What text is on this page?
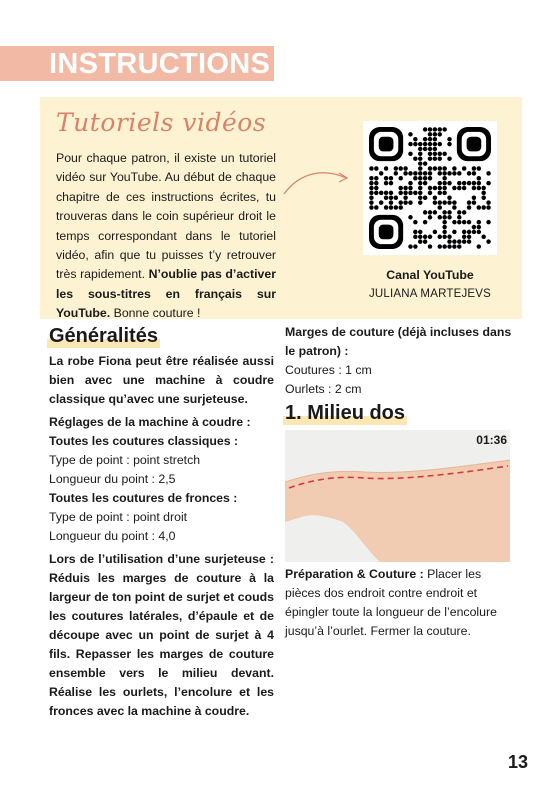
INSTRUCTIONS
Tutoriels vidéos
Pour chaque patron, il existe un tutoriel vidéo sur YouTube. Au début de chaque chapitre de ces instructions écrites, tu trouveras dans le coin supérieur droit le temps correspondant dans le tutoriel vidéo, afin que tu puisses t’y retrouver très rapidement. N’oublie pas d’activer les sous-titres en français sur YouTube. Bonne couture !
Canal YouTube
JULIANA MARTEJEVS
Généralités

La robe Fiona peut être réalisée aussi bien avec une machine à coudre classique qu’avec une surjeteuse.

Réglages de la machine à coudre :

Toutes les coutures classiques :

Type de point : point stretch

Longueur du point : 2,5

Toutes les coutures de fronces :

Type de point : point droit

Longueur du point : 4,0

Lors de l’utilisation d’une surjeteuse : Réduis les marges de couture à la largeur de ton point de surjet et couds les coutures latérales, d’épaule et de découpe avec un point de surjet à 4 fils. Repasser les marges de couture ensemble vers le milieu devant. Réalise les ourlets, l’encolure et les fronces avec la machine à coudre.

Marges de couture (déjà incluses dans le patron) :

Coutures : 1 cm

Ourlets : 2 cm

1. Milieu dos
01:36
Préparation & Couture : Placer les pièces dos endroit contre endroit et épingler toute la longueur de l’encolure jusqu’à l’ourlet. Fermer la couture.
13
